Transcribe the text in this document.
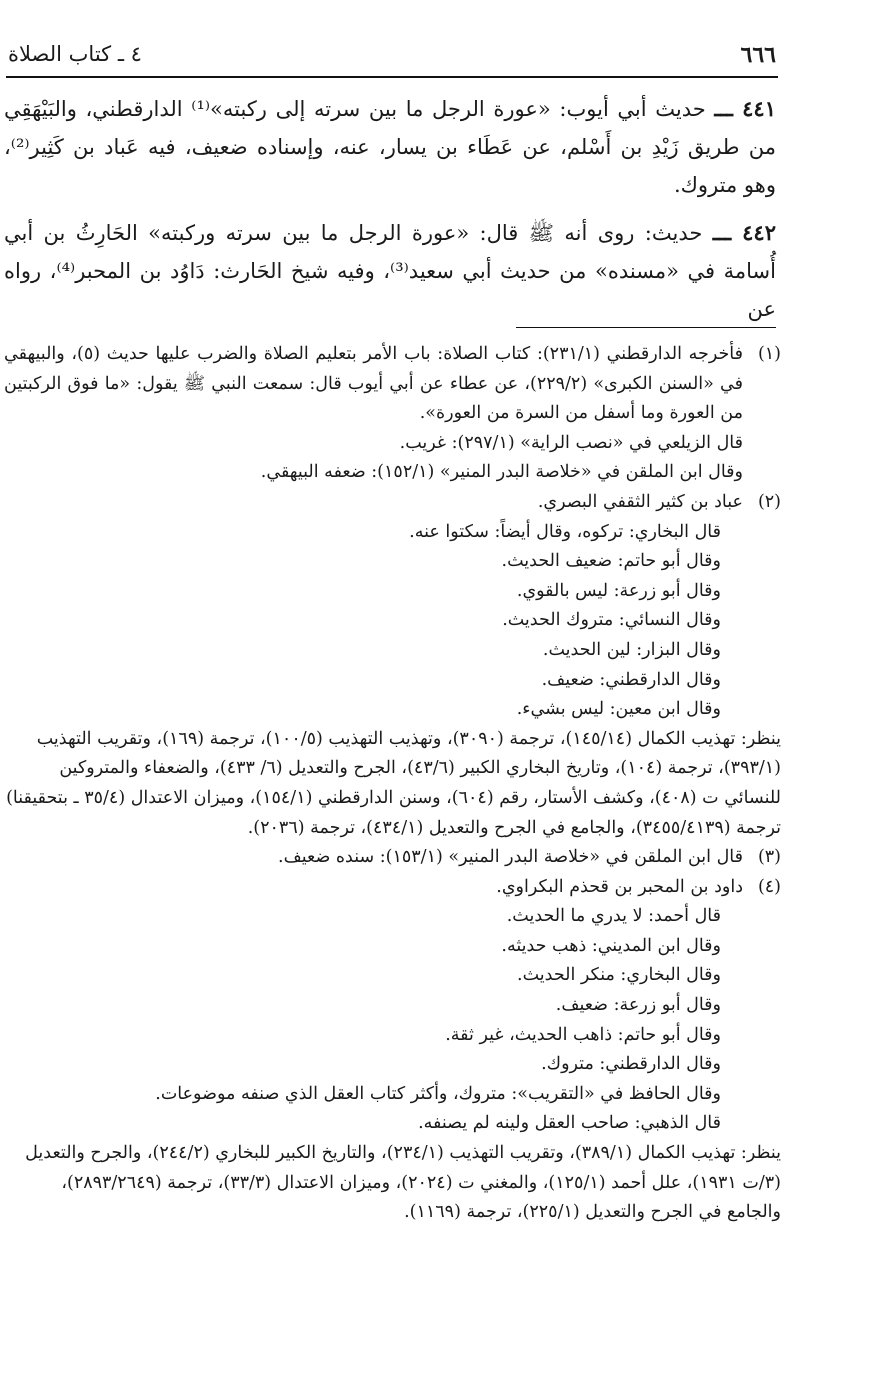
٦٦٦
٤ ـ كتاب الصلاة

٤٤١ ـــ حديث أبي أيوب: «عورة الرجل ما بين سرته إلى ركبته»⁽¹⁾ الدارقطني، والبَيْهَقِي من طريق زَيْدِ بن أَسْلم، عن عَطَاء بن يسار، عنه، وإسناده ضعيف، فيه عَباد بن كَثِير⁽²⁾، وهو متروك.

٤٤٢ ـــ حديث: روى أنه ﷺ قال: «عورة الرجل ما بين سرته وركبته» الحَارِثُ بن أبي أُسامة في «مسنده» من حديث أبي سعيد⁽³⁾، وفيه شيخ الحَارث: دَاوُد بن المحبر⁽⁴⁾، رواه عن

(١)

فأخرجه الدارقطني (٢٣١/١): كتاب الصلاة: باب الأمر بتعليم الصلاة والضرب عليها حديث (٥)، والبيهقي في «السنن الكبرى» (٢٢٩/٢)، عن عطاء عن أبي أيوب قال: سمعت النبي ﷺ يقول: «ما فوق الركبتين من العورة وما أسفل من السرة من العورة».

قال الزيلعي في «نصب الراية» (٢٩٧/١): غريب.

وقال ابن الملقن في «خلاصة البدر المنير» (١٥٢/١): ضعفه البيهقي.

(٢)

عباد بن كثير الثقفي البصري.

قال البخاري: تركوه، وقال أيضاً: سكتوا عنه.

وقال أبو حاتم: ضعيف الحديث.

وقال أبو زرعة: ليس بالقوي.

وقال النسائي: متروك الحديث.

وقال البزار: لين الحديث.

وقال الدارقطني: ضعيف.

وقال ابن معين: ليس بشيء.

ينظر: تهذيب الكمال (١٤٥/١٤)، ترجمة (٣٠٩٠)، وتهذيب التهذيب (١٠٠/٥)، ترجمة (١٦٩)، وتقريب التهذيب (٣٩٣/١)، ترجمة (١٠٤)، وتاريخ البخاري الكبير (٤٣/٦)، الجرح والتعديل (٦/ ٤٣٣)، والضعفاء والمتروكين للنسائي ت (٤٠٨)، وكشف الأستار، رقم (٦٠٤)، وسنن الدارقطني (١٥٤/١)، وميزان الاعتدال (٣٥/٤ ـ بتحقيقنا) ترجمة (٣٤٥٥/٤١٣٩)، والجامع في الجرح والتعديل (٤٣٤/١)، ترجمة (٢٠٣٦).

(٣)

قال ابن الملقن في «خلاصة البدر المنير» (١٥٣/١): سنده ضعيف.

(٤)

داود بن المحبر بن قحذم البكراوي.

قال أحمد: لا يدري ما الحديث.

وقال ابن المديني: ذهب حديثه.

وقال البخاري: منكر الحديث.

وقال أبو زرعة: ضعيف.

وقال أبو حاتم: ذاهب الحديث، غير ثقة.

وقال الدارقطني: متروك.

وقال الحافظ في «التقريب»: متروك، وأكثر كتاب العقل الذي صنفه موضوعات.

قال الذهبي: صاحب العقل ولينه لم يصنفه.

ينظر: تهذيب الكمال (٣٨٩/١)، وتقريب التهذيب (٢٣٤/١)، والتاريخ الكبير للبخاري (٢٤٤/٢)، والجرح والتعديل (٣/ت ١٩٣١)، علل أحمد (١٢٥/١)، والمغني ت (٢٠٢٤)، وميزان الاعتدال (٣٣/٣)، ترجمة (٢٨٩٣/٢٦٤٩)، والجامع في الجرح والتعديل (٢٢٥/١)، ترجمة (١١٦٩).
